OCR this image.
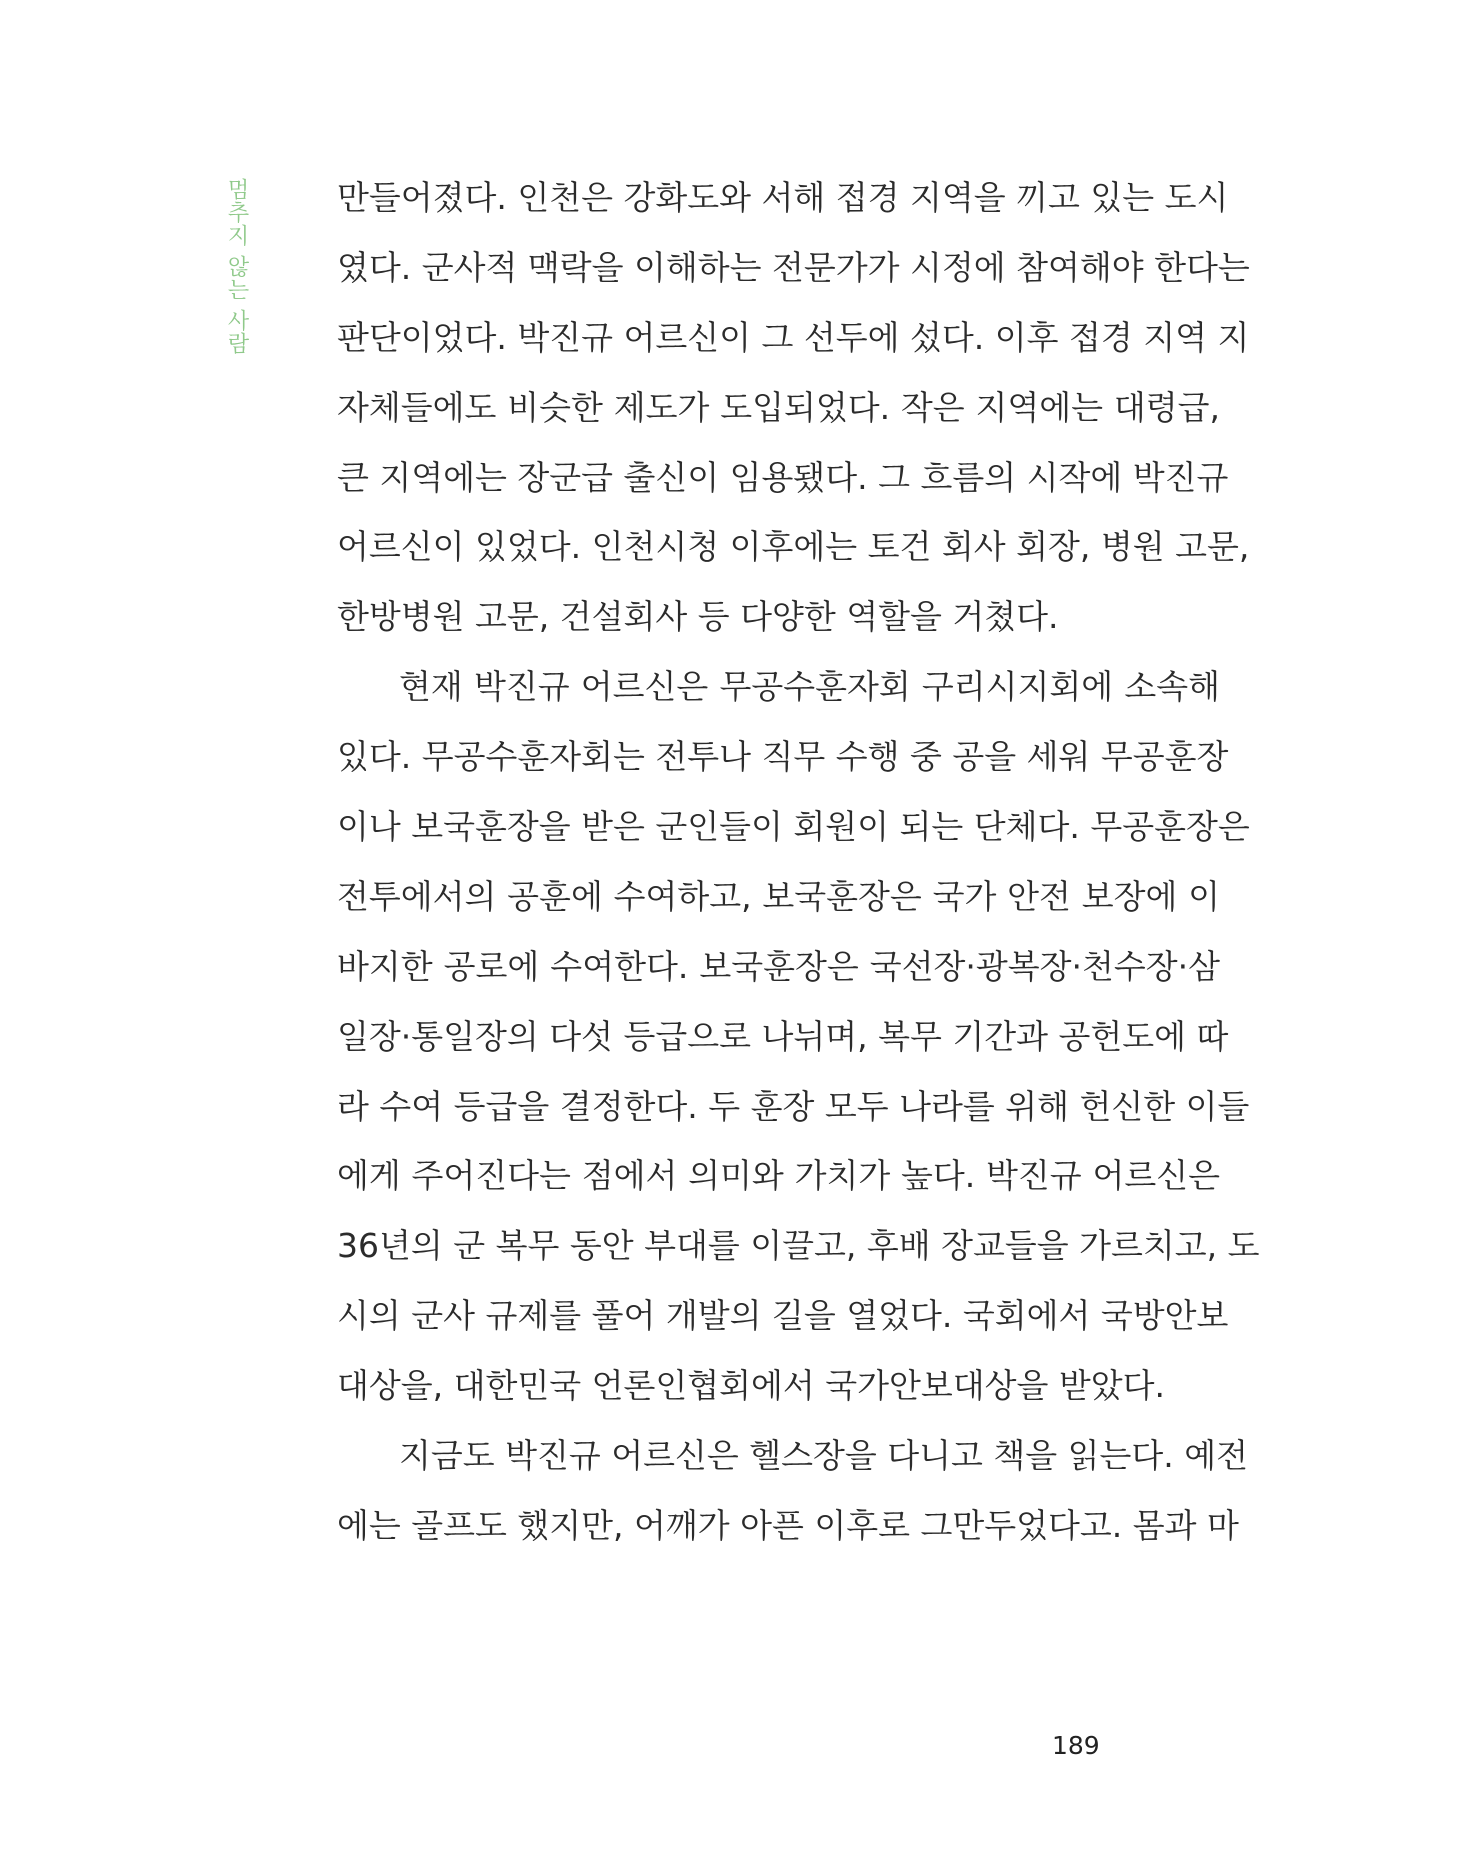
멈추지 않는 사람	만들어졌다. 인천은 강화도와 서해 접경 지역을 끼고 있는 도시
였다. 군사적 맥락을 이해하는 전문가가 시정에 참여해야 한다는
판단이었다. 박진규 어르신이 그 선두에 섰다. 이후 접경 지역 지
자체들에도 비슷한 제도가 도입되었다. 작은 지역에는 대령급,
큰 지역에는 장군급 출신이 임용됐다. 그 흐름의 시작에 박진규
어르신이 있었다. 인천시청 이후에는 토건 회사 회장, 병원 고문,
한방병원 고문, 건설회사 등 다양한 역할을 거쳤다.
현재 박진규 어르신은 무공수훈자회 구리시지회에 소속해
있다. 무공수훈자회는 전투나 직무 수행 중 공을 세워 무공훈장
이나 보국훈장을 받은 군인들이 회원이 되는 단체다. 무공훈장은
전투에서의 공훈에 수여하고, 보국훈장은 국가 안전 보장에 이
바지한 공로에 수여한다. 보국훈장은 국선장·광복장·천수장·삼
일장·통일장의 다섯 등급으로 나뉘며, 복무 기간과 공헌도에 따
라 수여 등급을 결정한다. 두 훈장 모두 나라를 위해 헌신한 이들
에게 주어진다는 점에서 의미와 가치가 높다. 박진규 어르신은
36년의 군 복무 동안 부대를 이끌고, 후배 장교들을 가르치고, 도
시의 군사 규제를 풀어 개발의 길을 열었다. 국회에서 국방안보
대상을, 대한민국 언론인협회에서 국가안보대상을 받았다.
지금도 박진규 어르신은 헬스장을 다니고 책을 읽는다. 예전
에는 골프도 했지만, 어깨가 아픈 이후로 그만두었다고. 몸과 마
189
